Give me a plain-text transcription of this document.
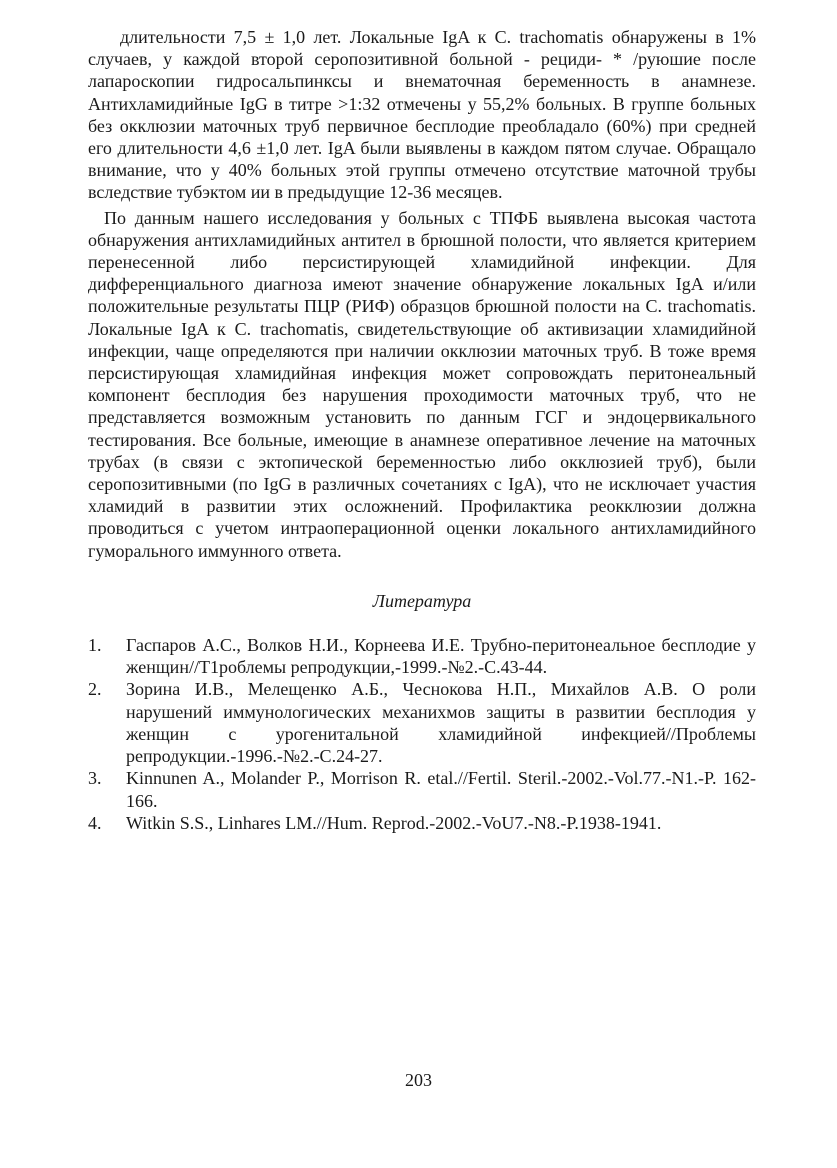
длительности 7,5 ± 1,0 лет. Локальные IgA к C. trachomatis обнаружены в 1% случаев, у каждой второй серопозитивной больной - рециди- * /руюшие после лапароскопии гидросальпинксы и внематочная беременность в анамнезе. Антихламидийные IgG в титре >1:32 отмечены у 55,2% больных. В группе больных без окклюзии маточных труб первичное бесплодие преобладало (60%) при средней его длительности 4,6 ±1,0 лет. IgA были выявлены в каждом пятом случае. Обращало внимание, что у 40% больных этой группы отмечено отсутствие маточной трубы вследствие тубэктом ии в предыдущие 12-36 месяцев.

По данным нашего исследования у больных с ТПФБ выявлена высокая частота обнаружения антихламидийных антител в брюшной полости, что является критерием перенесенной либо персистирующей хламидийной инфекции. Для дифференциального диагноза имеют значение обнаружение локальных IgA и/или положительные результаты ПЦР (РИФ) образцов брюшной полости на C. trachomatis. Локальные IgA к C. trachomatis, свидетельствующие об активизации хламидийной инфекции, чаще определяются при наличии окклюзии маточных труб. В тоже время персистирующая хламидийная инфекция может сопровождать перитонеальный компонент бесплодия без нарушения проходимости маточных труб, что не представляется возможным установить по данным ГСГ и эндоцервикального тестирования. Все больные, имеющие в анамнезе оперативное лечение на маточных трубах (в связи с эктопической беременностью либо окклюзией труб), были серопозитивными (по IgG в различных сочетаниях с IgA), что не исключает участия хламидий в развитии этих осложнений. Профилактика реокклюзии должна проводиться с учетом интраоперационной оценки локального антихламидийного гуморального иммунного ответа.

Литература
1.	Гаспаров А.С., Волков Н.И., Корнеева И.Е. Трубно-перитонеальное бесплодие у женщин//T1роблемы репродукции,-1999.-№2.-С.43-44.
2.	Зорина И.В., Мелещенко А.Б., Чеснокова Н.П., Михайлов А.В. О роли нарушений иммунологических механихмов защиты в развитии бесплодия у женщин с урогенитальной хламидийной инфекцией//Проблемы репродукции.-1996.-№2.-С.24-27.
3.	Kinnunen A., Molander P., Morrison R. etal.//Fertil. Steril.-2002.-Vol.77.-N1.-P. 162-166.
4.	Witkin S.S., Linhares LM.//Hum. Reprod.-2002.-VoU7.-N8.-P.1938-1941.
203
